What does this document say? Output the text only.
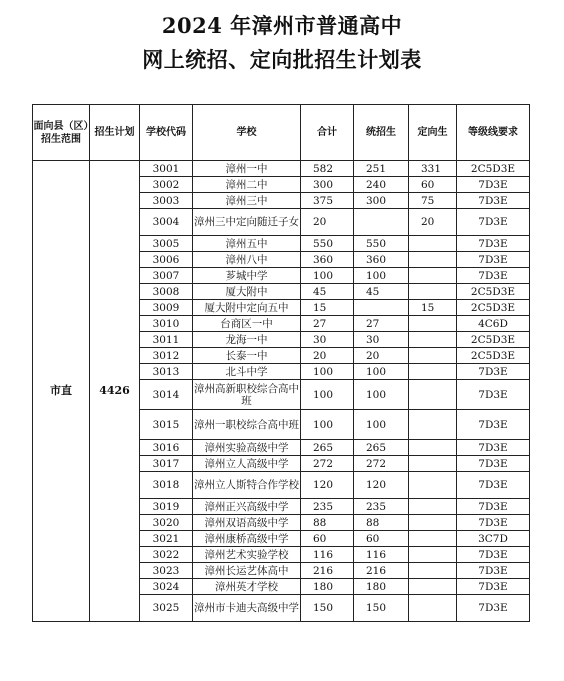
2024 年漳州市普通高中
网上统招、定向批招生计划表
面向县（区）招生范围	招生计划	学校代码	学校	合计	统招生	定向生	等级线要求
市直	4426	3001	漳州一中	582	251	331	2C5D3E
		3002	漳州二中	300	240	60	7D3E
		3003	漳州三中	375	300	75	7D3E
		3004	漳州三中定向随迁子女	20		20	7D3E
		3005	漳州五中	550	550		7D3E
		3006	漳州八中	360	360		7D3E
		3007	芗城中学	100	100		7D3E
		3008	厦大附中	45	45		2C5D3E
		3009	厦大附中定向五中	15		15	2C5D3E
		3010	台商区一中	27	27		4C6D
		3011	龙海一中	30	30		2C5D3E
		3012	长泰一中	20	20		2C5D3E
		3013	北斗中学	100	100		7D3E
		3014	漳州高新职校综合高中班	100	100		7D3E
		3015	漳州一职校综合高中班	100	100		7D3E
		3016	漳州实验高级中学	265	265		7D3E
		3017	漳州立人高级中学	272	272		7D3E
		3018	漳州立人斯特合作学校	120	120		7D3E
		3019	漳州正兴高级中学	235	235		7D3E
		3020	漳州双语高级中学	88	88		7D3E
		3021	漳州康桥高级中学	60	60		3C7D
		3022	漳州艺术实验学校	116	116		7D3E
		3023	漳州长运艺体高中	216	216		7D3E
		3024	漳州英才学校	180	180		7D3E
		3025	漳州市卡迪夫高级中学	150	150		7D3E
